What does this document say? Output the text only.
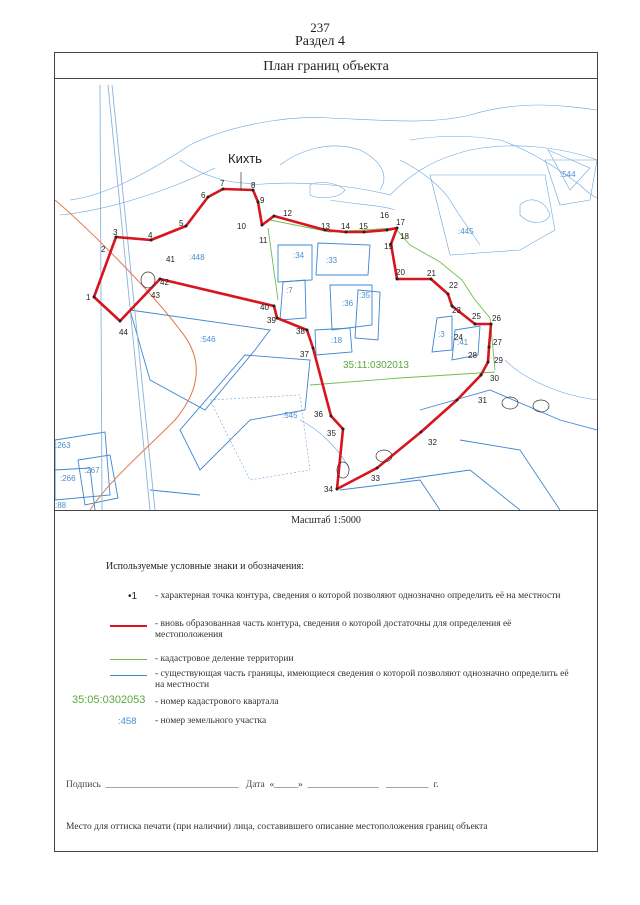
237
Раздел 4
План границ объекта
Кихть
35:11:0302013
1
2
3	4
5
6
7	8
9
10
11
12
13 14 15
16
17
18
19
20	21
22
23
24
25 26
27
28
29
30
31
32
33
34
35
36
37
38
39
40
41
42
43
44
:544
:445
:448	:34
:33
:7
:36
:35
:18
:546
:545
:3
:41
:263
:267
:266
:88
Масштаб 1:5000
Используемые условные знаки и обозначения:
•1
35:05:0302053
:458
- характерная точка контура, сведения о которой позволяют однозначно определить её на местности
- вновь образованная часть контура, сведения о которой достаточны для определения её местоположения
- кадастровое деление территории
- существующая часть границы, имеющиеся сведения о которой позволяют однозначно определить её на местности
- номер кадастрового квартала
- номер земельного участка
Подпись  ____________________________   Дата  «_____»  _______________   _________  г.
Место для оттиска печати (при наличии) лица, составившего описание местоположения границ объекта
